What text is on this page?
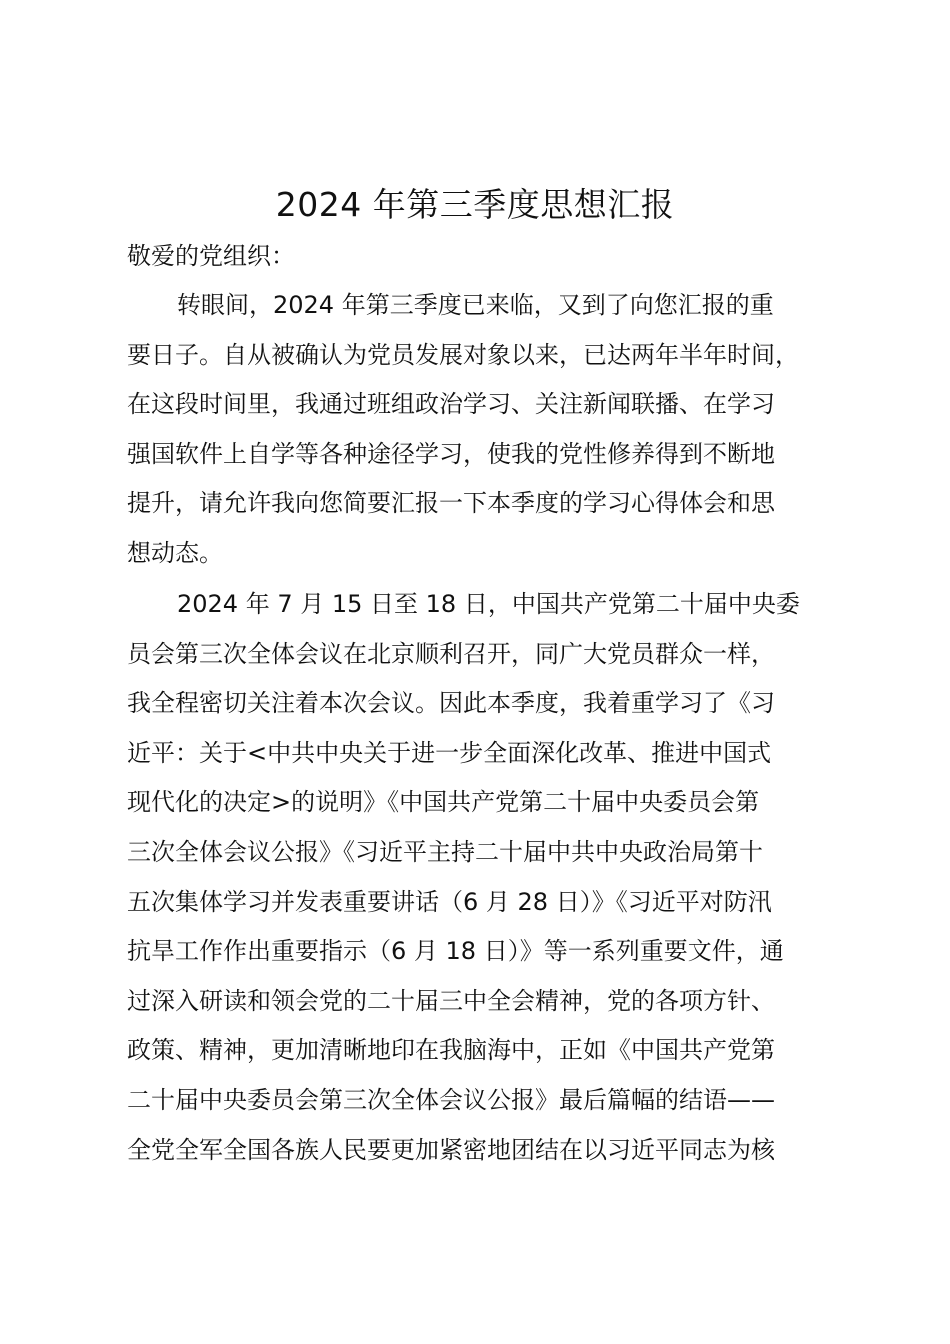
2024 年第三季度思想汇报
敬爱的党组织：
转眼间，2024 年第三季度已来临，又到了向您汇报的重
要日子。自从被确认为党员发展对象以来，已达两年半年时间，
在这段时间里，我通过班组政治学习、关注新闻联播、在学习
强国软件上自学等各种途径学习，使我的党性修养得到不断地
提升，请允许我向您简要汇报一下本季度的学习心得体会和思
想动态。
2024 年 7 月 15 日至 18 日，中国共产党第二十届中央委
员会第三次全体会议在北京顺利召开，同广大党员群众一样，
我全程密切关注着本次会议。因此本季度，我着重学习了《习
近平：关于<中共中央关于进一步全面深化改革、推进中国式
现代化的决定>的说明》《中国共产党第二十届中央委员会第
三次全体会议公报》《习近平主持二十届中共中央政治局第十
五次集体学习并发表重要讲话（6 月 28 日）》《习近平对防汛
抗旱工作作出重要指示（6 月 18 日）》等一系列重要文件，通
过深入研读和领会党的二十届三中全会精神，党的各项方针、
政策、精神，更加清晰地印在我脑海中，正如《中国共产党第
二十届中央委员会第三次全体会议公报》最后篇幅的结语——
全党全军全国各族人民要更加紧密地团结在以习近平同志为核
